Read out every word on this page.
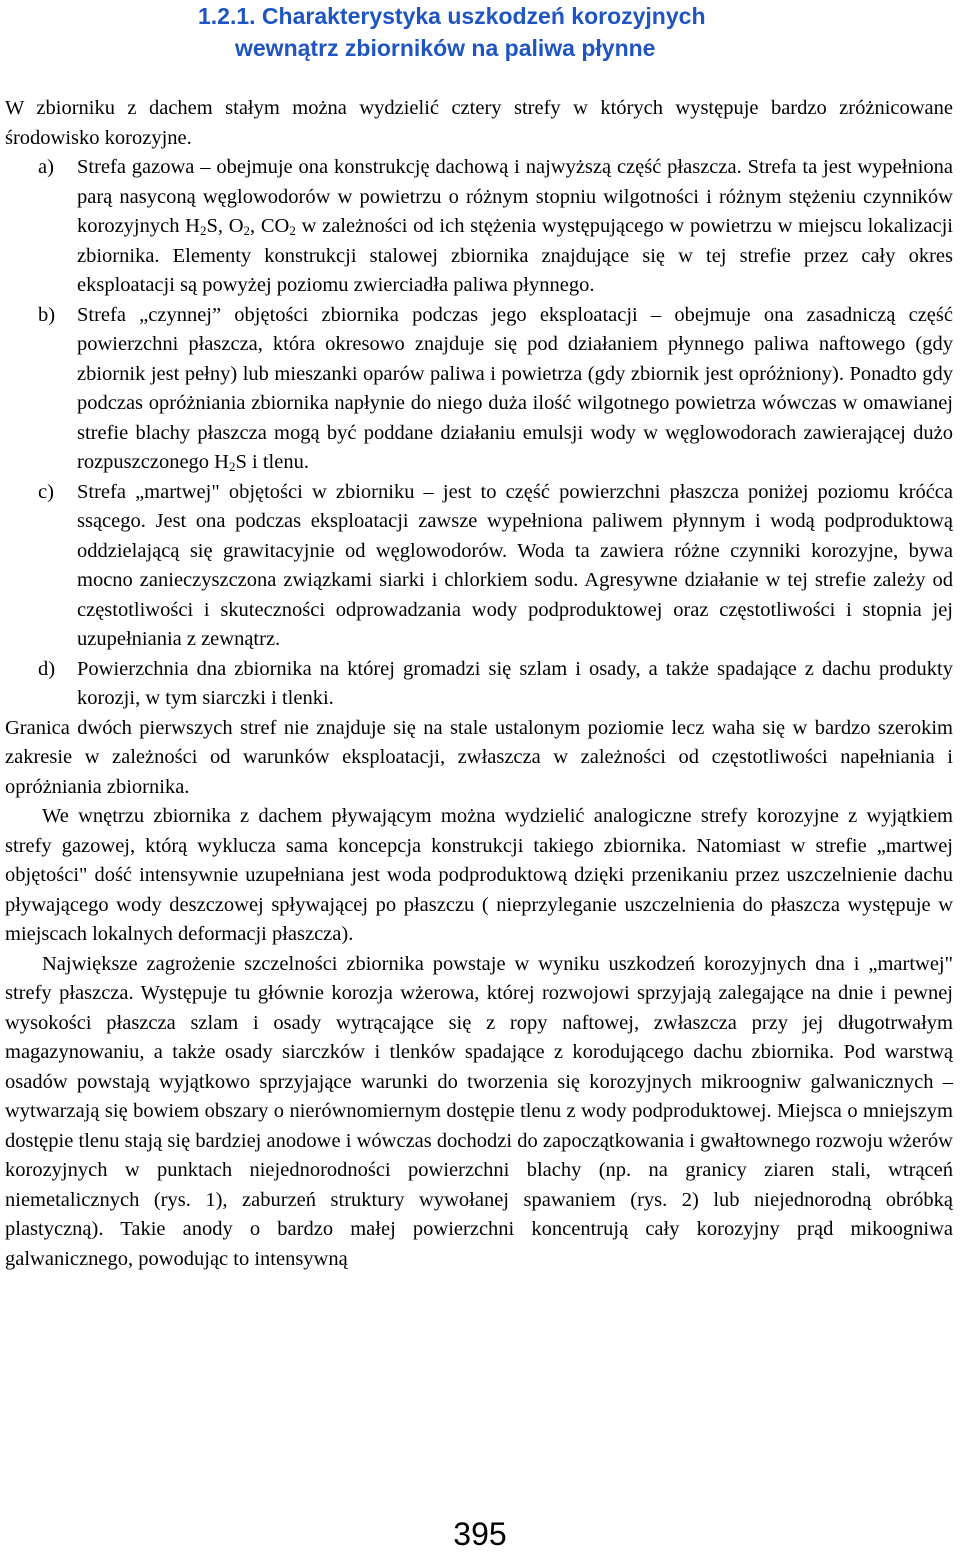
1.2.1. Charakterystyka uszkodzeń korozyjnych
wewnątrz zbiorników na paliwa płynne

W zbiorniku z dachem stałym można wydzielić cztery strefy w których występuje bardzo zróżnicowane środowisko korozyjne.

a) Strefa gazowa – obejmuje ona konstrukcję dachową i najwyższą część płaszcza. Strefa ta jest wypełniona parą nasyconą węglowodorów w powietrzu o różnym stopniu wilgotności i różnym stężeniu czynników korozyjnych $H_2S$, $O_2$, $CO_2$ w zależności od ich stężenia występującego w powietrzu w miejscu lokalizacji zbiornika. Elementy konstrukcji stalowej zbiornika znajdujące się w tej strefie przez cały okres eksploatacji są powyżej poziomu zwierciadła paliwa płynnego.
b) Strefa „czynnej” objętości zbiornika podczas jego eksploatacji – obejmuje ona zasadniczą część powierzchni płaszcza, która okresowo znajduje się pod działaniem płynnego paliwa naftowego (gdy zbiornik jest pełny) lub mieszanki oparów paliwa i powietrza (gdy zbiornik jest opróżniony). Ponadto gdy podczas opróżniania zbiornika napłynie do niego duża ilość wilgotnego powietrza wówczas w omawianej strefie blachy płaszcza mogą być poddane działaniu emulsji wody w węglowodorach zawierającej dużo rozpuszczonego $H_2S$ i tlenu.
c) Strefa „martwej" objętości w zbiorniku – jest to część powierzchni płaszcza poniżej poziomu króćca ssącego. Jest ona podczas eksploatacji zawsze wypełniona paliwem płynnym i wodą podproduktową oddzielającą się grawitacyjnie od węglowodorów. Woda ta zawiera różne czynniki korozyjne, bywa mocno zanieczyszczona związkami siarki i chlorkiem sodu. Agresywne działanie w tej strefie zależy od częstotliwości i skuteczności odprowadzania wody podproduktowej oraz częstotliwości i stopnia jej uzupełniania z zewnątrz.
d) Powierzchnia dna zbiornika na której gromadzi się szlam i osady, a także spadające z dachu produkty korozji, w tym siarczki i tlenki.

Granica dwóch pierwszych stref nie znajduje się na stale ustalonym poziomie lecz waha się w bardzo szerokim zakresie w zależności od warunków eksploatacji, zwłaszcza w zależności od częstotliwości napełniania i opróżniania zbiornika.

We wnętrzu zbiornika z dachem pływającym można wydzielić analogiczne strefy korozyjne z wyjątkiem strefy gazowej, którą wyklucza sama koncepcja konstrukcji takiego zbiornika. Natomiast w strefie „martwej objętości" dość intensywnie uzupełniana jest woda podproduktową dzięki przenikaniu przez uszczelnienie dachu pływającego wody deszczowej spływającej po płaszczu ( nieprzyleganie uszczelnienia do płaszcza występuje w miejscach lokalnych deformacji płaszcza).

Największe zagrożenie szczelności zbiornika powstaje w wyniku uszkodzeń korozyjnych dna i „martwej" strefy płaszcza. Występuje tu głównie korozja wżerowa, której rozwojowi sprzyjają zalegające na dnie i pewnej wysokości płaszcza szlam i osady wytrącające się z ropy naftowej, zwłaszcza przy jej długotrwałym magazynowaniu, a także osady siarczków i tlenków spadające z korodującego dachu zbiornika. Pod warstwą osadów powstają wyjątkowo sprzyjające warunki do tworzenia się korozyjnych mikroogniw galwanicznych – wytwarzają się bowiem obszary o nierównomiernym dostępie tlenu z wody podproduktowej. Miejsca o mniejszym dostępie tlenu stają się bardziej anodowe i wówczas dochodzi do zapoczątkowania i gwałtownego rozwoju wżerów korozyjnych w punktach niejednorodności powierzchni blachy (np. na granicy ziaren stali, wtrąceń niemetalicznych (rys. 1), zaburzeń struktury wywołanej spawaniem (rys. 2) lub niejednorodną obróbką plastyczną). Takie anody o bardzo małej powierzchni koncentrują cały korozyjny prąd mikoogniwa galwanicznego, powodując to intensywną

395
